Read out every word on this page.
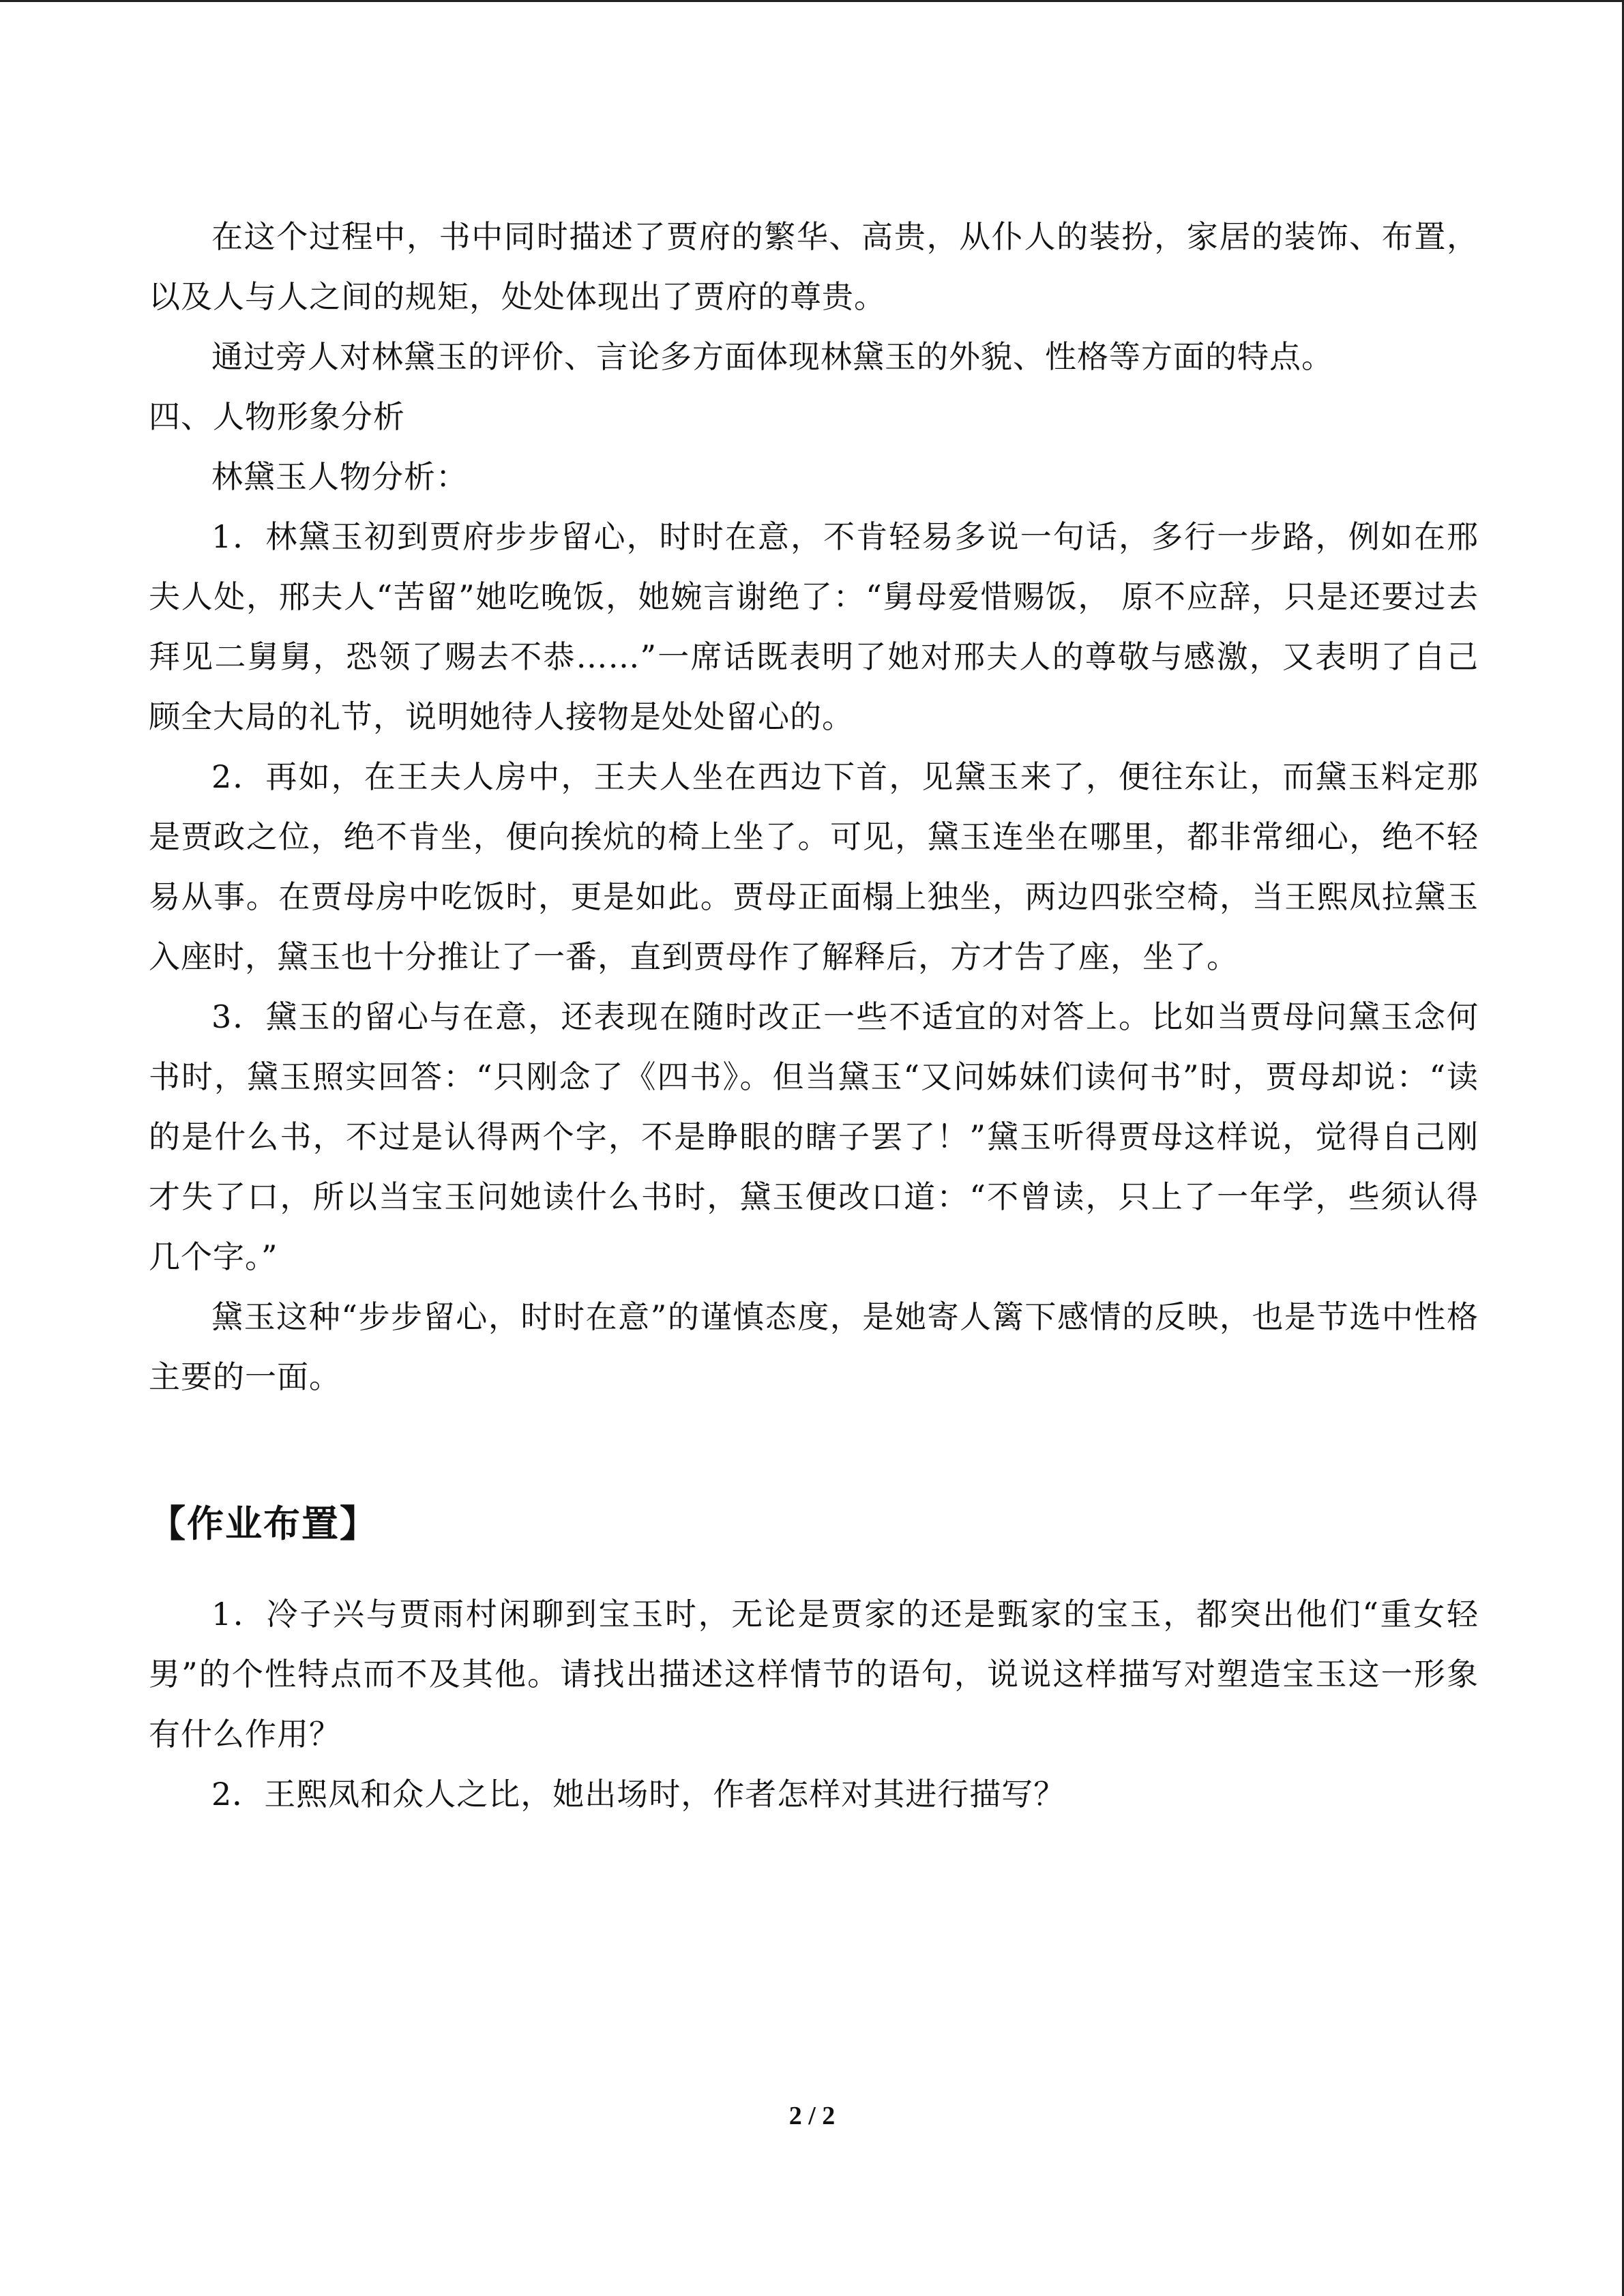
在这个过程中，书中同时描述了贾府的繁华、高贵，从仆人的装扮，家居的装饰、布置，以及人与人之间的规矩，处处体现出了贾府的尊贵。

通过旁人对林黛玉的评价、言论多方面体现林黛玉的外貌、性格等方面的特点。

四、人物形象分析

林黛玉人物分析：

1．林黛玉初到贾府步步留心，时时在意，不肯轻易多说一句话，多行一步路，例如在邢夫人处，邢夫人“苦留”她吃晚饭，她婉言谢绝了：“舅母爱惜赐饭， 原不应辞，只是还要过去拜见二舅舅，恐领了赐去不恭……”一席话既表明了她对邢夫人的尊敬与感激，又表明了自己顾全大局的礼节，说明她待人接物是处处留心的。

2．再如，在王夫人房中，王夫人坐在西边下首，见黛玉来了，便往东让，而黛玉料定那是贾政之位，绝不肯坐，便向挨炕的椅上坐了。可见，黛玉连坐在哪里，都非常细心，绝不轻易从事。在贾母房中吃饭时，更是如此。贾母正面榻上独坐，两边四张空椅，当王熙凤拉黛玉入座时，黛玉也十分推让了一番，直到贾母作了解释后，方才告了座，坐了。

3．黛玉的留心与在意，还表现在随时改正一些不适宜的对答上。比如当贾母问黛玉念何书时，黛玉照实回答：“只刚念了《四书》。但当黛玉“又问姊妹们读何书”时，贾母却说：“读的是什么书，不过是认得两个字，不是睁眼的瞎子罢了！”黛玉听得贾母这样说，觉得自己刚才失了口，所以当宝玉问她读什么书时，黛玉便改口道：“不曾读，只上了一年学，些须认得几个字。”

黛玉这种“步步留心，时时在意”的谨慎态度，是她寄人篱下感情的反映，也是节选中性格主要的一面。

【作业布置】

1．冷子兴与贾雨村闲聊到宝玉时，无论是贾家的还是甄家的宝玉，都突出他们“重女轻男”的个性特点而不及其他。请找出描述这样情节的语句，说说这样描写对塑造宝玉这一形象有什么作用？

2．王熙凤和众人之比，她出场时，作者怎样对其进行描写？

2 / 2
